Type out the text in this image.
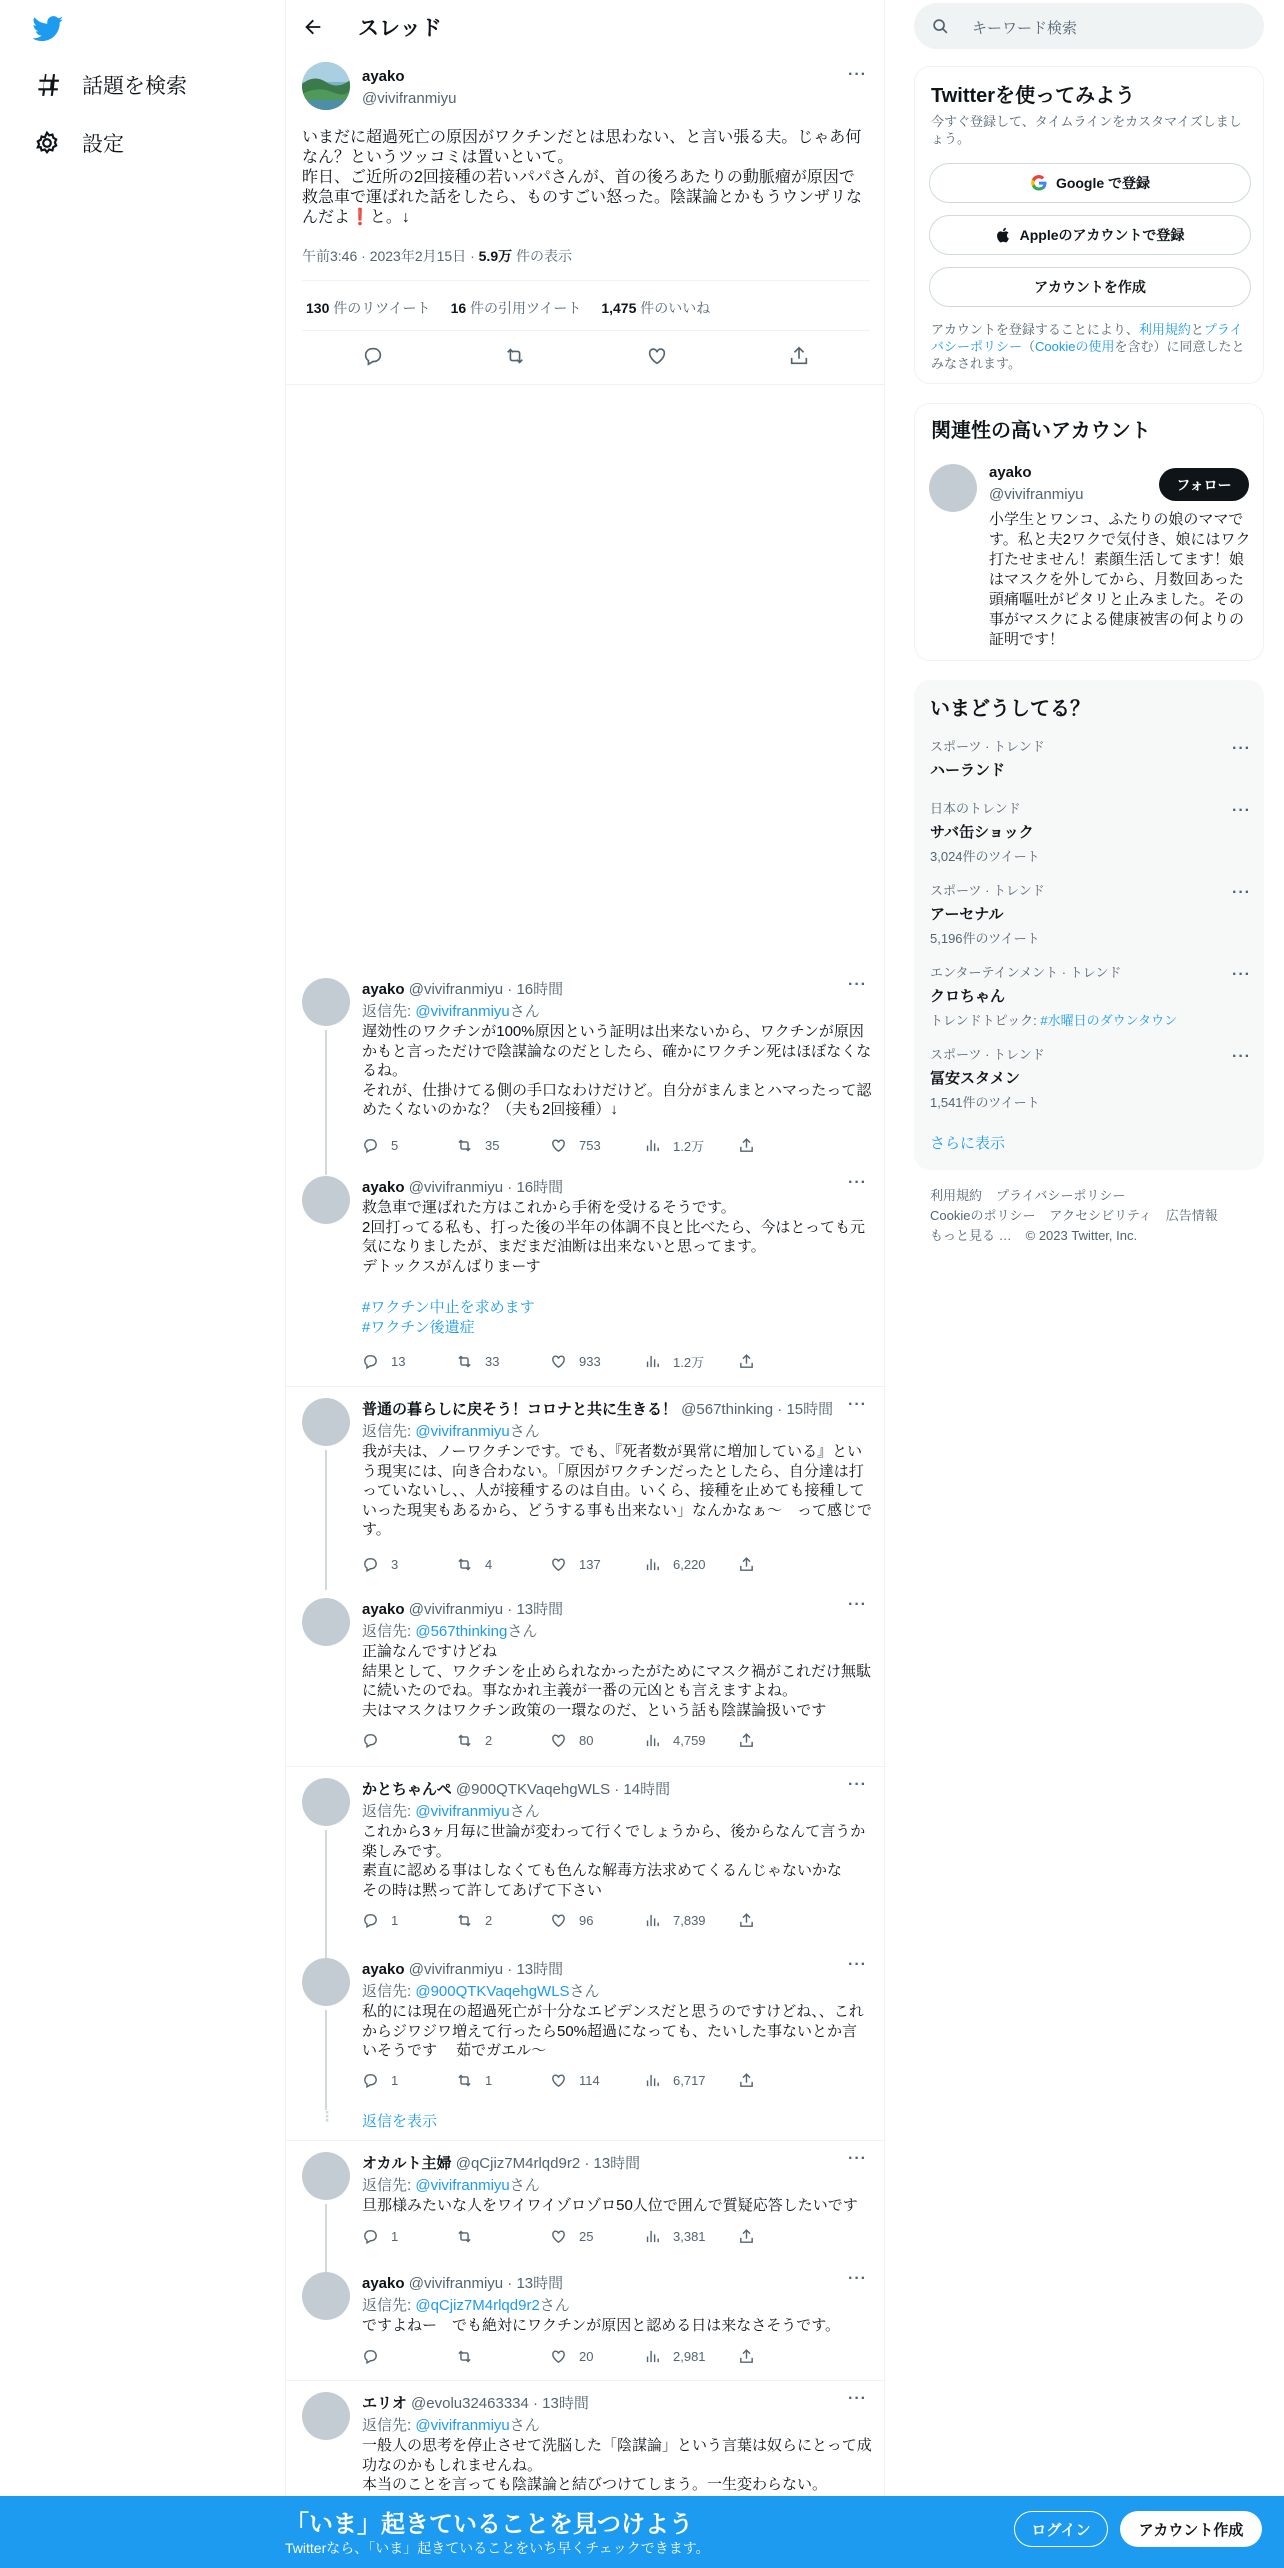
話題を検索
設定
スレッド
ayako
@vivifranmiyu
···
いまだに超過死亡の原因がワクチンだとは思わない、と言い張る夫。じゃあ何なん？というツッコミは置いといて。
昨日、ご近所の2回接種の若いパパさんが、首の後ろあたりの動脈瘤が原因で救急車で運ばれた話をしたら、ものすごい怒った。陰謀論とかもうウンザリなんだよ❗️と。↓
午前3:46 · 2023年2月15日 · 5.9万 件の表示
130 件のリツイート 16 件の引用ツイート 1,475 件のいいね
ayako @vivifranmiyu · 16時間	···
返信先: @vivifranmiyuさん
遅効性のワクチンが100%原因という証明は出来ないから、ワクチンが原因かもと言っただけで陰謀論なのだとしたら、確かにワクチン死はほぼなくなるね。
それが、仕掛けてる側の手口なわけだけど。自分がまんまとハマったって認めたくないのかな？（夫も2回接種）↓
5	35	753	1.2万
ayako @vivifranmiyu · 16時間	···
救急車で運ばれた方はこれから手術を受けるそうです。
2回打ってる私も、打った後の半年の体調不良と比べたら、今はとっても元気になりましたが、まだまだ油断は出来ないと思ってます。
デトックスがんばりまーす
#ワクチン中止を求めます
#ワクチン後遺症
13	33	933	1.2万
普通の暮らしに戻そう！コロナと共に生きる！ @567thinking · 15時間 ···
返信先: @vivifranmiyuさん
我が夫は、ノーワクチンです。でも、『死者数が異常に増加している』という現実には、向き合わない。「原因がワクチンだったとしたら、自分達は打っていないし、、人が接種するのは自由。いくら、接種を止めても接種していった現実もあるから、どうする事も出来ない」なんかなぁ〜　って感じです。
3	4	137	6,220
ayako @vivifranmiyu · 13時間	···
返信先: @567thinkingさん
正論なんですけどね
結果として、ワクチンを止められなかったがためにマスク禍がこれだけ無駄に続いたのでね。事なかれ主義が一番の元凶とも言えますよね。
夫はマスクはワクチン政策の一環なのだ、という話も陰謀論扱いです
2	80	4,759
かとちゃんぺ @900QTKVaqehgWLS · 14時間	···
返信先: @vivifranmiyuさん
これから3ヶ月毎に世論が変わって行くでしょうから、後からなんて言うか楽しみです。
素直に認める事はしなくても色んな解毒方法求めてくるんじゃないかな
その時は黙って許してあげて下さい
1	2	96	7,839
ayako @vivifranmiyu · 13時間	···
返信先: @900QTKVaqehgWLSさん
私的には現在の超過死亡が十分なエビデンスだと思うのですけどね、、これからジワジワ増えて行ったら50%超過になっても、たいした事ないとか言いそうです　 茹でガエル〜
1	1	114	6,717
⋮ 返信を表示
オカルト主婦 @qCjiz7M4rlqd9r2 · 13時間	···
返信先: @vivifranmiyuさん
旦那様みたいな人をワイワイゾロゾロ50人位で囲んで質疑応答したいです
1	25	3,381
ayako @vivifranmiyu · 13時間	···
返信先: @qCjiz7M4rlqd9r2さん
ですよねー　でも絶対にワクチンが原因と認める日は来なさそうです。
20	2,981
エリオ @evolu32463334 · 13時間	···
返信先: @vivifranmiyuさん
一般人の思考を停止させて洗脳した「陰謀論」という言葉は奴らにとって成功なのかもしれませんね。
本当のことを言っても陰謀論と結びつけてしまう。一生変わらない。
キーワード検索
Twitterを使ってみよう
今すぐ登録して、タイムラインをカスタマイズしましょう。
Google で登録
Appleのアカウントで登録
アカウントを作成
アカウントを登録することにより、利用規約とプライバシーポリシー（Cookieの使用を含む）に同意したとみなされます。
関連性の高いアカウント
ayako
@vivifranmiyu
フォロー
小学生とワンコ、ふたりの娘のママです。私と夫2ワクで気付き、娘にはワク打たせません！素顔生活してます！娘はマスクを外してから、月数回あった頭痛嘔吐がピタリと止みました。その事がマスクによる健康被害の何よりの証明です！
いまどうしてる？
スポーツ · トレンド
ハーランド
···
日本のトレンド
サバ缶ショック
3,024件のツイート
···
スポーツ · トレンド
アーセナル
5,196件のツイート
···
エンターテインメント · トレンド
クロちゃん
トレンドトピック: #水曜日のダウンタウン
···
スポーツ · トレンド
冨安スタメン
1,541件のツイート
···
さらに表示
利用規約 プライバシーポリシー
Cookieのポリシー アクセシビリティ 広告情報
もっと見る … © 2023 Twitter, Inc.
「いま」起きていることを見つけよう
Twitterなら、「いま」起きていることをいち早くチェックできます。
ログイン	アカウント作成
